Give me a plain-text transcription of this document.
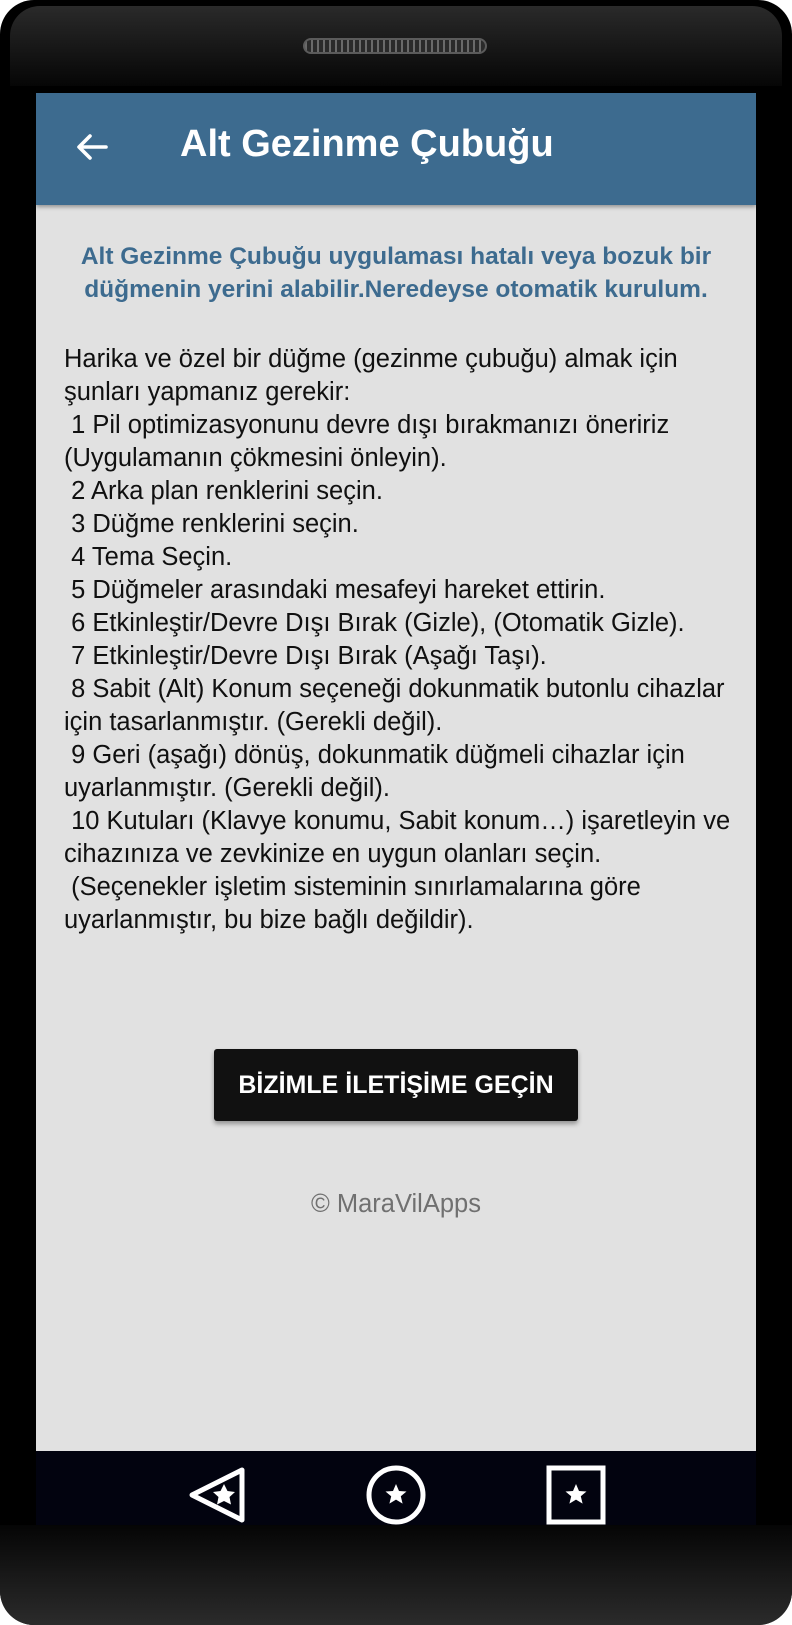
Alt Gezinme Çubuğu
Alt Gezinme Çubuğu uygulaması hatalı veya bozuk bir düğmenin yerini alabilir.Neredeyse otomatik kurulum.
Harika ve özel bir düğme (gezinme çubuğu) almak için şunları yapmanız gerekir:
1 Pil optimizasyonunu devre dışı bırakmanızı öneririz (Uygulamanın çökmesini önleyin).
2 Arka plan renklerini seçin.
3 Düğme renklerini seçin.
4 Tema Seçin.
5 Düğmeler arasındaki mesafeyi hareket ettirin.
6 Etkinleştir/Devre Dışı Bırak (Gizle), (Otomatik Gizle).
7 Etkinleştir/Devre Dışı Bırak (Aşağı Taşı).
8 Sabit (Alt) Konum seçeneği dokunmatik butonlu cihazlar için tasarlanmıştır. (Gerekli değil).
9 Geri (aşağı) dönüş, dokunmatik düğmeli cihazlar için uyarlanmıştır. (Gerekli değil).
10 Kutuları (Klavye konumu, Sabit konum…) işaretleyin ve cihazınıza ve zevkinize en uygun olanları seçin.
(Seçenekler işletim sisteminin sınırlamalarına göre uyarlanmıştır, bu bize bağlı değildir).
BİZİMLE İLETİŞİME GEÇİN
© MaraVilApps
